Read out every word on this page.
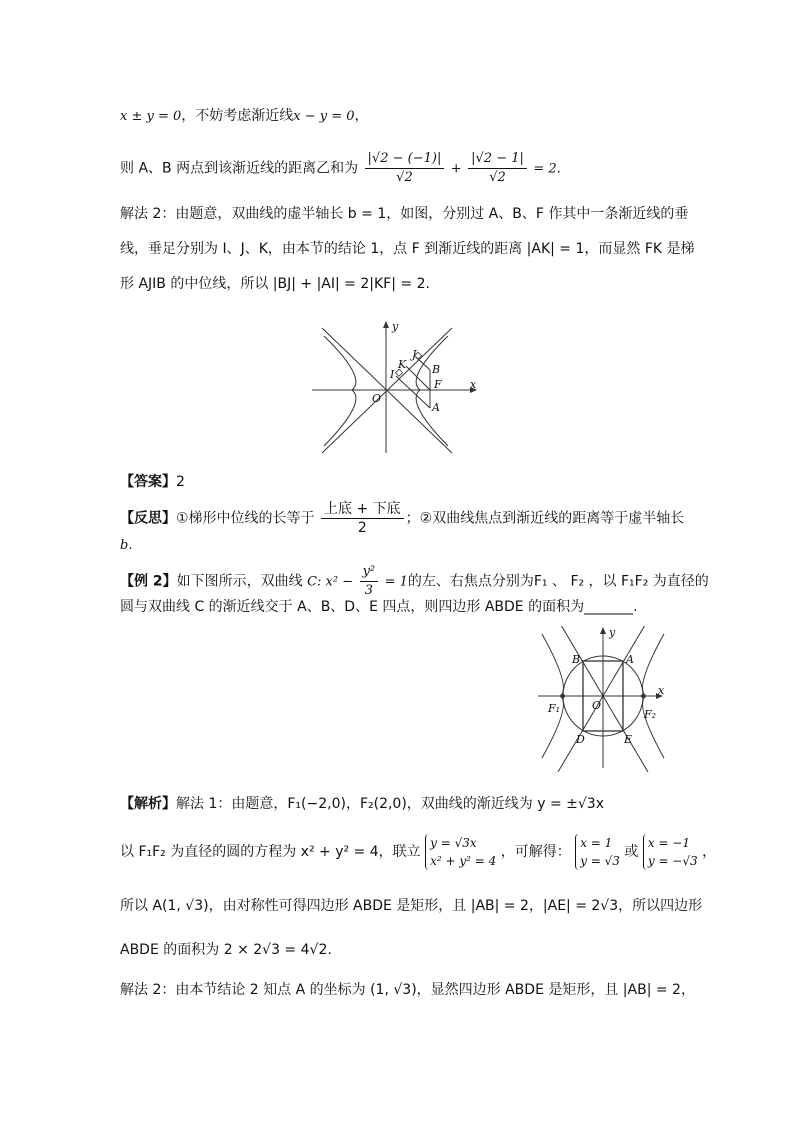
x ± y = 0，不妨考虑渐近线x − y = 0，
则 A、B 两点到该渐近线的距离乙和为 $\frac{|√2 - (-1)|}{√2} + \frac{|√2 - 1|}{√2} = 2$.
解法 2：由题意，双曲线的虚半轴长 b = 1，如图，分别过 A、B、F 作其中一条渐近线的垂
线，垂足分别为 I、J、K，由本节的结论 1，点 F 到渐近线的距离 |AK| = 1，而显然 FK 是梯
形 AJIB 的中位线，所以 |BJ| + |AI| = 2|KF| = 2.
y
x
O
I
K
J
B
F
A
【答案】2
【反思】①梯形中位线的长等于 $\frac{\text{上底 + 下底}}{2}$ ；②双曲线焦点到渐近线的距离等于虚半轴长
b.
【例 2】如下图所示，双曲线 C: $x^2 - \frac{\text{y²}}{3} = 1$的左、右焦点分别为F₁ 、 F₂ ，以 F₁F₂ 为直径的
圆与双曲线 C 的渐近线交于 A、B、D、E 四点，则四边形 ABDE 的面积为_______.
y
x
O
A
B
D	E
F₁	F₂
【解析】解法 1：由题意，F₁(−2,0)，F₂(2,0)，双曲线的渐近线为 y = ±√3x
以 F₁F₂ 为直径的圆的方程为 x² + y² = 4，联立
y = √3x
x² + y² = 4
，可解得：
x = 1
y = √3
或
x = −1
y = −√3
，
所以 A(1, √3)，由对称性可得四边形 ABDE 是矩形，且 |AB| = 2，|AE| = 2√3，所以四边形
ABDE 的面积为 2 × 2√3 = 4√2.
解法 2：由本节结论 2 知点 A 的坐标为 (1, √3)，显然四边形 ABDE 是矩形，且 |AB| = 2，
